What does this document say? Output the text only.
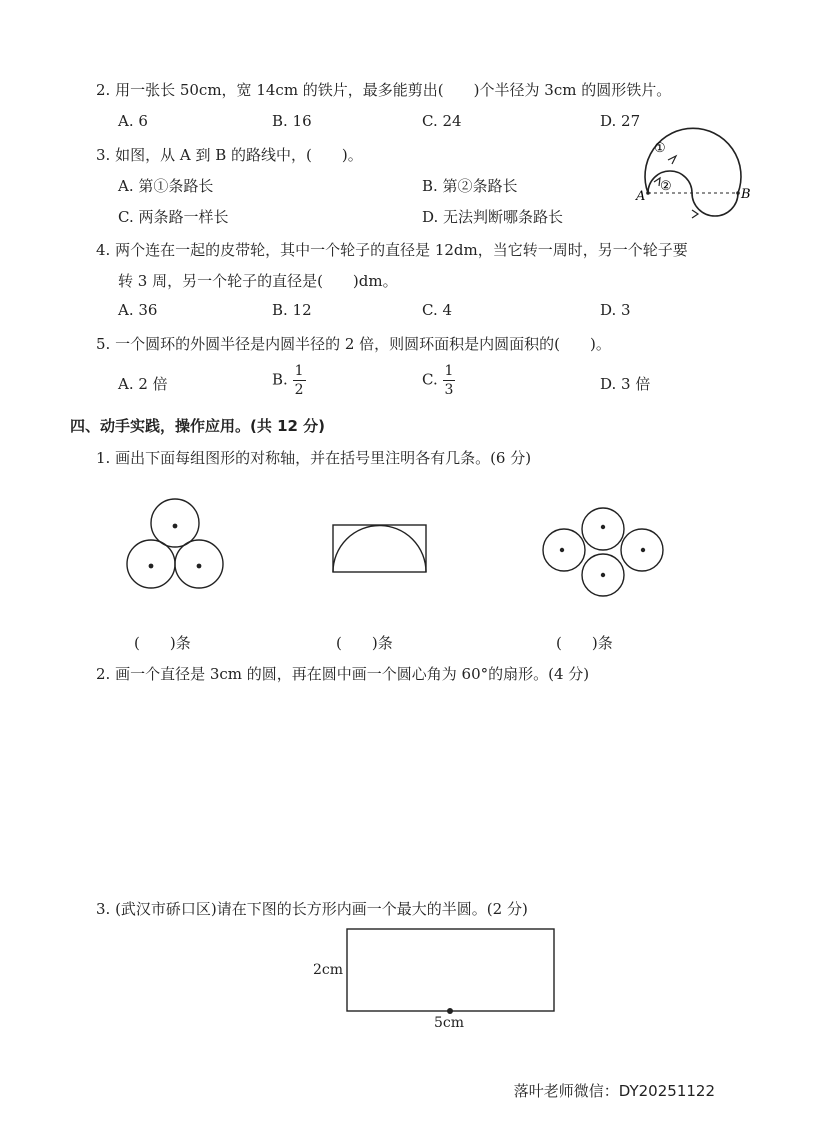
2. 用一张长 50cm，宽 14cm 的铁片，最多能剪出(　　)个半径为 3cm 的圆形铁片。
A. 6	B. 16	C. 24	D. 27
3. 如图，从 A 到 B 的路线中，(　　)。
A. 第①条路长	B. 第②条路长
C. 两条路一样长	D. 无法判断哪条路长
①
②
A	B
4. 两个连在一起的皮带轮，其中一个轮子的直径是 12dm，当它转一周时，另一个轮子要
转 3 周，另一个轮子的直径是(　　)dm。
A. 36	B. 12	C. 4	D. 3
5. 一个圆环的外圆半径是内圆半径的 2 倍，则圆环面积是内圆面积的(　　)。
A. 2 倍	B. $\frac{1}{2}$	C. $\frac{1}{3}$	D. 3 倍
四、动手实践，操作应用。(共 12 分)
1. 画出下面每组图形的对称轴，并在括号里注明各有几条。(6 分)
(　　)条	(　　)条	(　　)条
2. 画一个直径是 3cm 的圆，再在圆中画一个圆心角为 60°的扇形。(4 分)
3. (武汉市硚口区)请在下图的长方形内画一个最大的半圆。(2 分)
2cm
5cm
落叶老师微信：DY20251122
